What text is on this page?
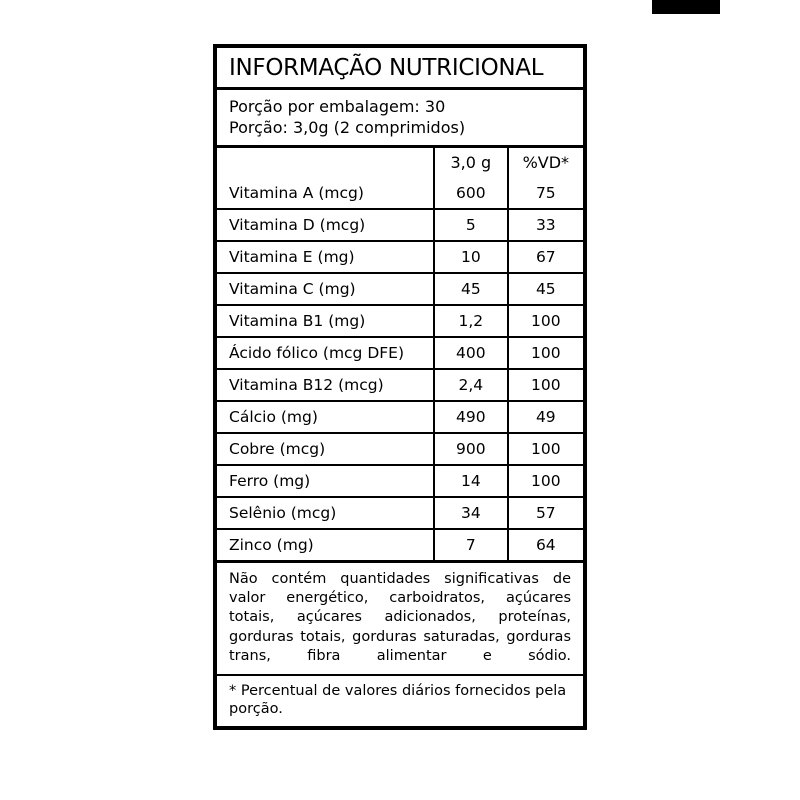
INFORMAÇÃO NUTRICIONAL
Porção por embalagem: 30
Porção: 3,0g (2 comprimidos)
	3,0 g	%VD*
Vitamina A (mcg)	600	75
Vitamina D (mcg)	5	33
Vitamina E (mg)	10	67
Vitamina C (mg)	45	45
Vitamina B1 (mg)	1,2	100
Ácido fólico (mcg DFE)	400	100
Vitamina B12 (mcg)	2,4	100
Cálcio (mg)	490	49
Cobre (mcg)	900	100
Ferro (mg)	14	100
Selênio (mcg)	34	57
Zinco (mg)	7	64
Não contém quantidades significativas de valor energético, carboidratos, açúcares totais, açúcares adicionados, proteínas, gorduras totais, gorduras saturadas, gorduras trans, fibra alimentar e sódio.
* Percentual de valores diários fornecidos pela porção.
